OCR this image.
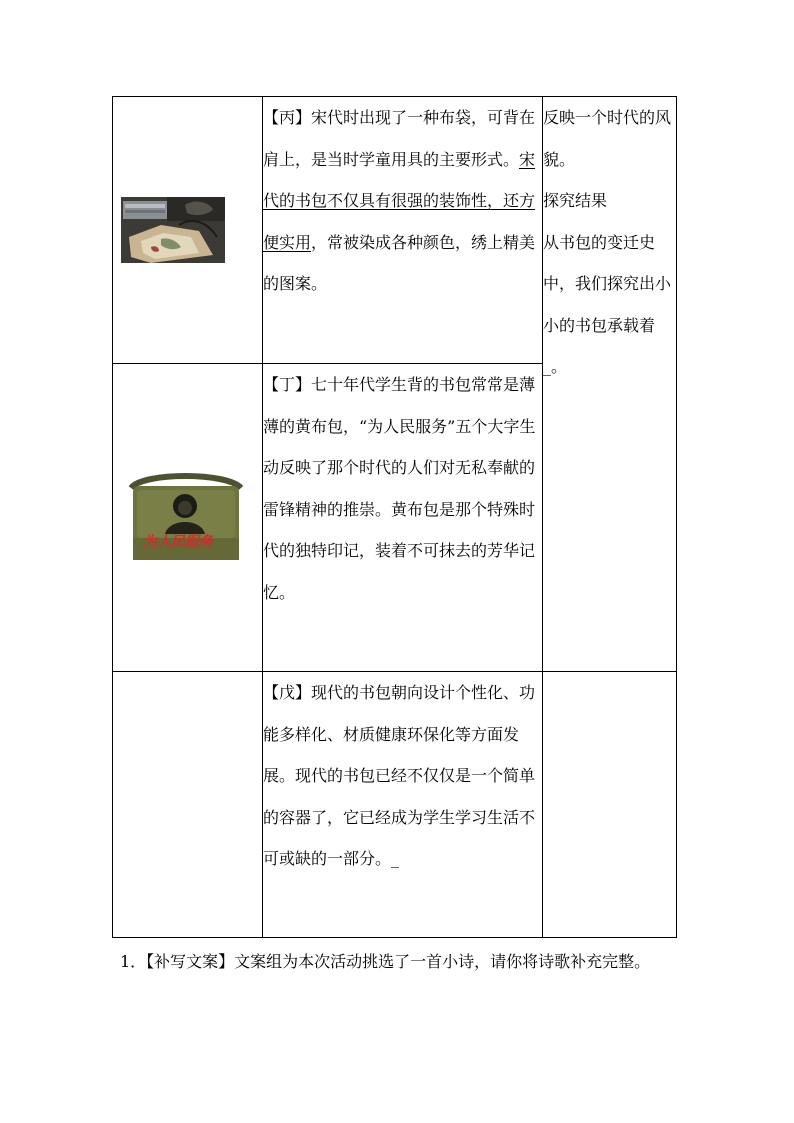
	【丙】宋代时出现了一种布袋，可背在肩上，是当时学童用具的主要形式。宋代的书包不仅具有很强的装饰性，还方便实用，常被染成各种颜色，绣上精美的图案。	反映一个时代的风貌。

探究结果

从书包的变迁史中，我们探究出小小的书包承载着_。

为人民服务	【丁】七十年代学生背的书包常常是薄薄的黄布包，“为人民服务”五个大字生动反映了那个时代的人们对无私奉献的雷锋精神的推崇。黄布包是那个特殊时代的独特印记，装着不可抹去的芳华记忆。	
	【戊】现代的书包朝向设计个性化、功能多样化、材质健康环保化等方面发展。现代的书包已经不仅仅是一个简单的容器了，它已经成为学生学习生活不可或缺的一部分。_	

1．【补写文案】文案组为本次活动挑选了一首小诗，请你将诗歌补充完整。
